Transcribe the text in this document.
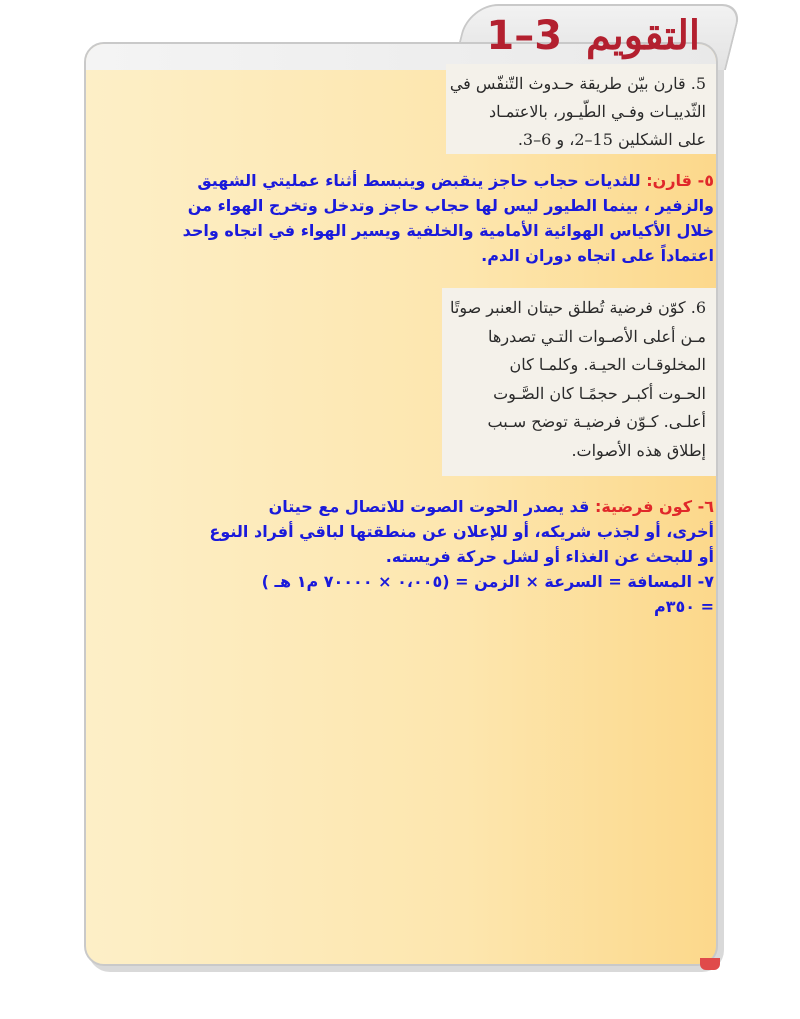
التقويم 3–1
5. قارن بيّن طريقة حـدوث التّنفّس في
الثّدييـات وفـي الطّيـور، بالاعتمـاد
على الشكلين 15–2، و 6–3.
٥- قارن: للثديات حجاب حاجز ينقبض وينبسط أثناء عمليتي الشهيق
والزفير ، بينما الطيور ليس لها حجاب حاجز وتدخل وتخرج الهواء من
خلال الأكياس الهوائية الأمامية والخلفية ويسير الهواء في اتجاه واحد
اعتماداً على اتجاه دوران الدم.
6. كوّن فرضية تُطلق حيتان العنبر صوتًا
مـن أعلى الأصـوات التـي تصدرها
المخلوقـات الحيـة. وكلمـا كان
الحـوت أكبـر حجمًـا كان الصَّـوت
أعلـى. كـوّن فرضيـة توضح سـبب
إطلاق هذه الأصوات.
٦- كون فرضية: قد يصدر الحوت الصوت للاتصال مع حيتان
أخرى، أو لجذب شريكه، أو للإعلان عن منطقتها لباقي أفراد النوع
أو للبحث عن الغذاء أو لشل حركة فريسته.
٧- المسافة = السرعة × الزمن = (٠،٠٠٥ × ٧٠٠٠٠ م١ هـ )
= ٣٥٠م
